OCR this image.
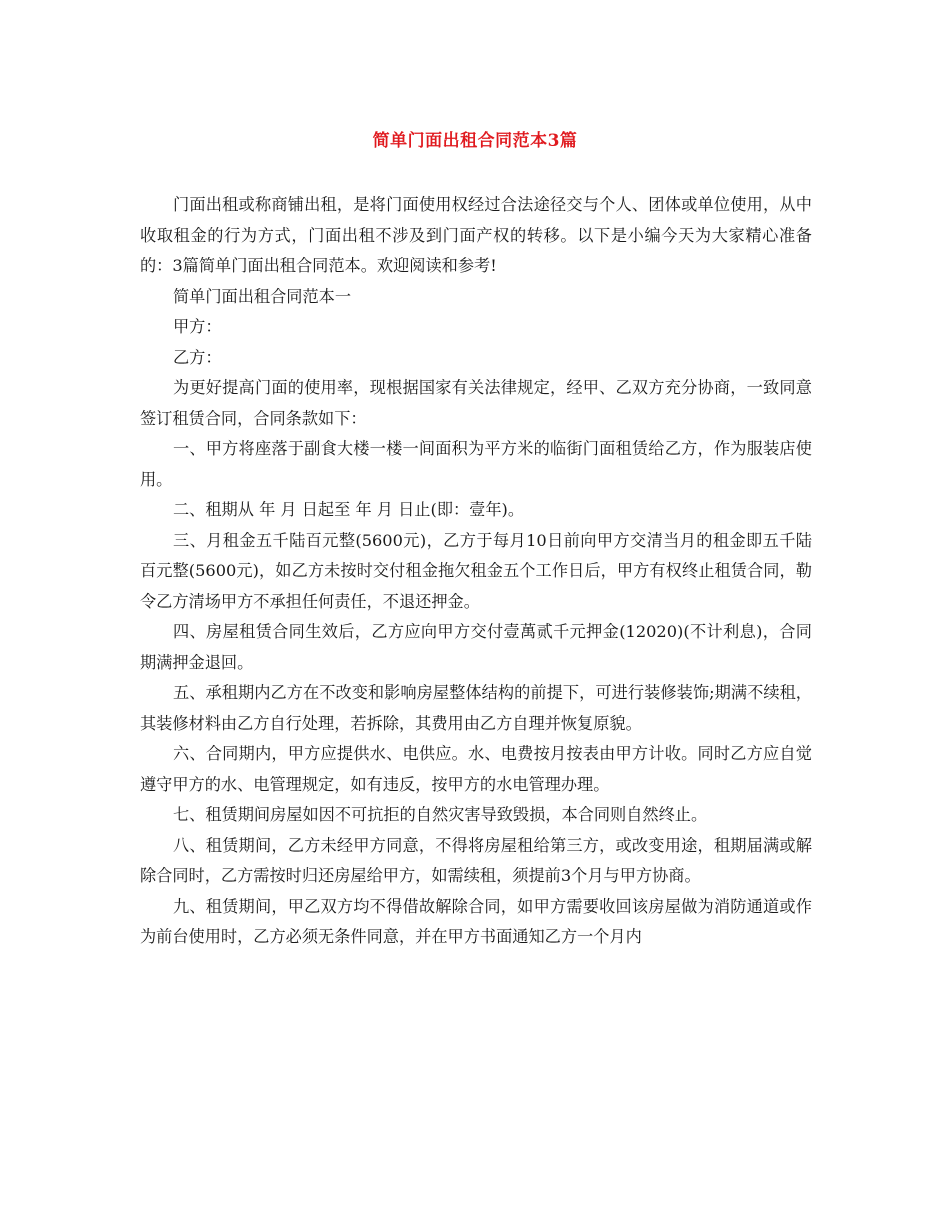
简单门面出租合同范本3篇

门面出租或称商铺出租，是将门面使用权经过合法途径交与个人、团体或单位使用，从中收取租金的行为方式，门面出租不涉及到门面产权的转移。以下是小编今天为大家精心准备的：3篇简单门面出租合同范本。欢迎阅读和参考!

简单门面出租合同范本一

甲方：

乙方：

为更好提高门面的使用率，现根据国家有关法律规定，经甲、乙双方充分协商，一致同意签订租赁合同，合同条款如下：

一、甲方将座落于副食大楼一楼一间面积为平方米的临街门面租赁给乙方，作为服装店使用。

二、租期从 年 月 日起至 年 月 日止(即：壹年)。

三、月租金五千陆百元整(5600元)，乙方于每月10日前向甲方交清当月的租金即五千陆百元整(5600元)，如乙方未按时交付租金拖欠租金五个工作日后，甲方有权终止租赁合同，勒令乙方清场甲方不承担任何责任，不退还押金。

四、房屋租赁合同生效后，乙方应向甲方交付壹萬贰千元押金(12020)(不计利息)，合同期满押金退回。

五、承租期内乙方在不改变和影响房屋整体结构的前提下，可进行装修装饰;期满不续租，其装修材料由乙方自行处理，若拆除，其费用由乙方自理并恢复原貌。

六、合同期内，甲方应提供水、电供应。水、电费按月按表由甲方计收。同时乙方应自觉遵守甲方的水、电管理规定，如有违反，按甲方的水电管理办理。

七、租赁期间房屋如因不可抗拒的自然灾害导致毁损，本合同则自然终止。

八、租赁期间，乙方未经甲方同意，不得将房屋租给第三方，或改变用途，租期届满或解除合同时，乙方需按时归还房屋给甲方，如需续租，须提前3个月与甲方协商。

九、租赁期间，甲乙双方均不得借故解除合同，如甲方需要收回该房屋做为消防通道或作为前台使用时，乙方必须无条件同意，并在甲方书面通知乙方一个月内
